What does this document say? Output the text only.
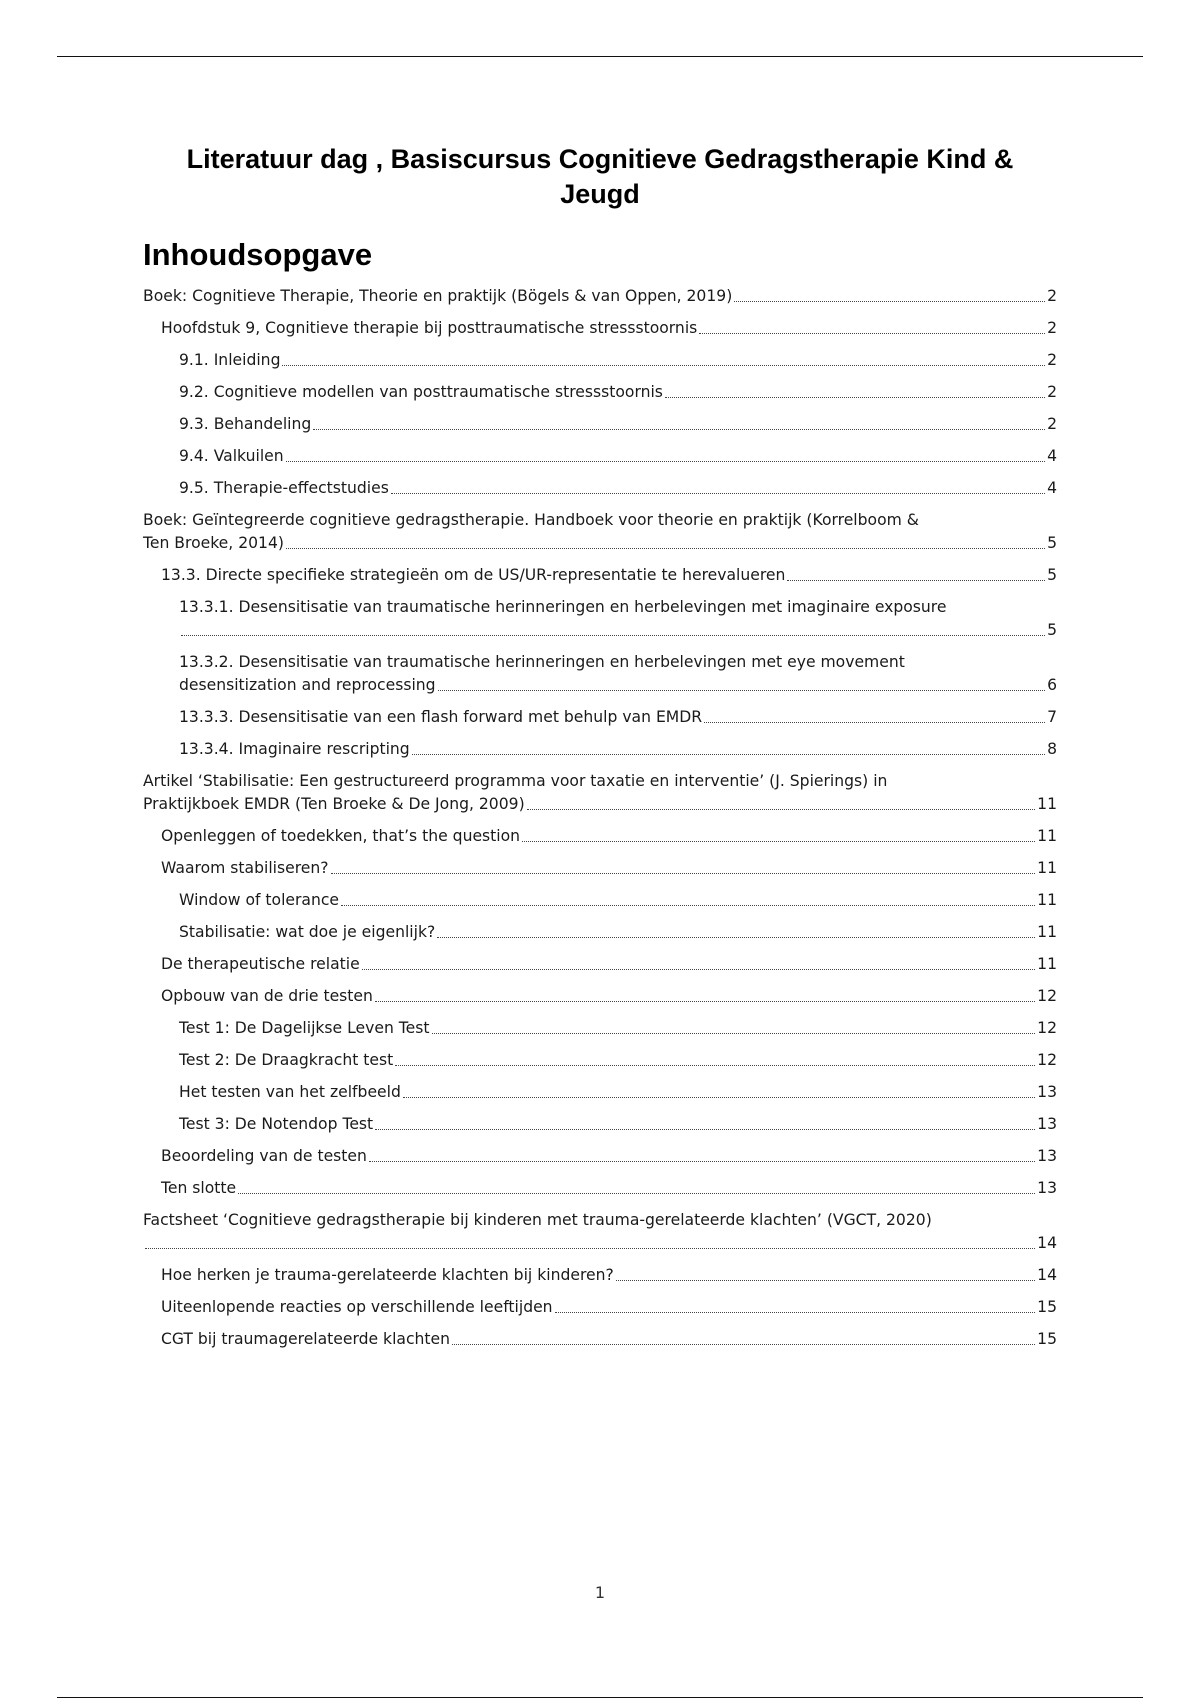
Literatuur dag , Basiscursus Cognitieve Gedragstherapie Kind & Jeugd
Inhoudsopgave
Boek: Cognitieve Therapie, Theorie en praktijk (Bögels & van Oppen, 2019)	2
Hoofdstuk 9, Cognitieve therapie bij posttraumatische stressstoornis	2
9.1. Inleiding	2
9.2. Cognitieve modellen van posttraumatische stressstoornis	2
9.3. Behandeling	2
9.4. Valkuilen	4
9.5. Therapie-effectstudies	4
Boek: Geïntegreerde cognitieve gedragstherapie. Handboek voor theorie en praktijk (Korrelboom &
Ten Broeke, 2014)	5
13.3. Directe specifieke strategieën om de US/UR-representatie te herevalueren	5
13.3.1. Desensitisatie van traumatische herinneringen en herbelevingen met imaginaire exposure
5
13.3.2. Desensitisatie van traumatische herinneringen en herbelevingen met eye movement
desensitization and reprocessing	6
13.3.3. Desensitisatie van een flash forward met behulp van EMDR	7
13.3.4. Imaginaire rescripting	8
Artikel ‘Stabilisatie: Een gestructureerd programma voor taxatie en interventie’ (J. Spierings) in
Praktijkboek EMDR (Ten Broeke & De Jong, 2009)	11
Openleggen of toedekken, that’s the question	11
Waarom stabiliseren?	11
Window of tolerance	11
Stabilisatie: wat doe je eigenlijk?	11
De therapeutische relatie	11
Opbouw van de drie testen	12
Test 1: De Dagelijkse Leven Test	12
Test 2: De Draagkracht test	12
Het testen van het zelfbeeld	13
Test 3: De Notendop Test	13
Beoordeling van de testen	13
Ten slotte	13
Factsheet ‘Cognitieve gedragstherapie bij kinderen met trauma-gerelateerde klachten’ (VGCT, 2020)
14
Hoe herken je trauma-gerelateerde klachten bij kinderen?	14
Uiteenlopende reacties op verschillende leeftijden	15
CGT bij traumagerelateerde klachten	15
1
